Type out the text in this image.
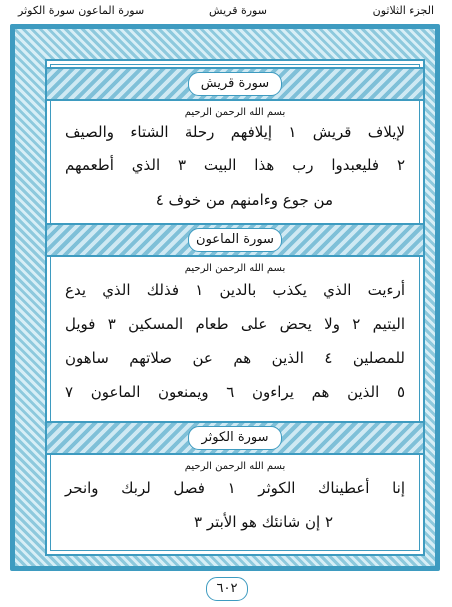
سورة الماعون سورة الكوثر	سورة قريش	الجزء الثلاثون
سورة قريش
بسم الله الرحمن الرحيم
لإيلاف قريش ١ إيلافهم رحلة الشتاء والصيف
٢ فليعبدوا رب هذا البيت ٣ الذي أطعمهم
من جوع وءامنهم من خوف ٤
سورة الماعون
بسم الله الرحمن الرحيم
أرءيت الذي يكذب بالدين ١ فذلك الذي يدع
اليتيم ٢ ولا يحض على طعام المسكين ٣ فويل
للمصلين ٤ الذين هم عن صلاتهم ساهون
٥ الذين هم يراءون ٦ ويمنعون الماعون ٧
سورة الكوثر
بسم الله الرحمن الرحيم
إنا أعطيناك الكوثر ١ فصل لربك وانحر
٢ إن شانئك هو الأبتر ٣
٦٠٢
